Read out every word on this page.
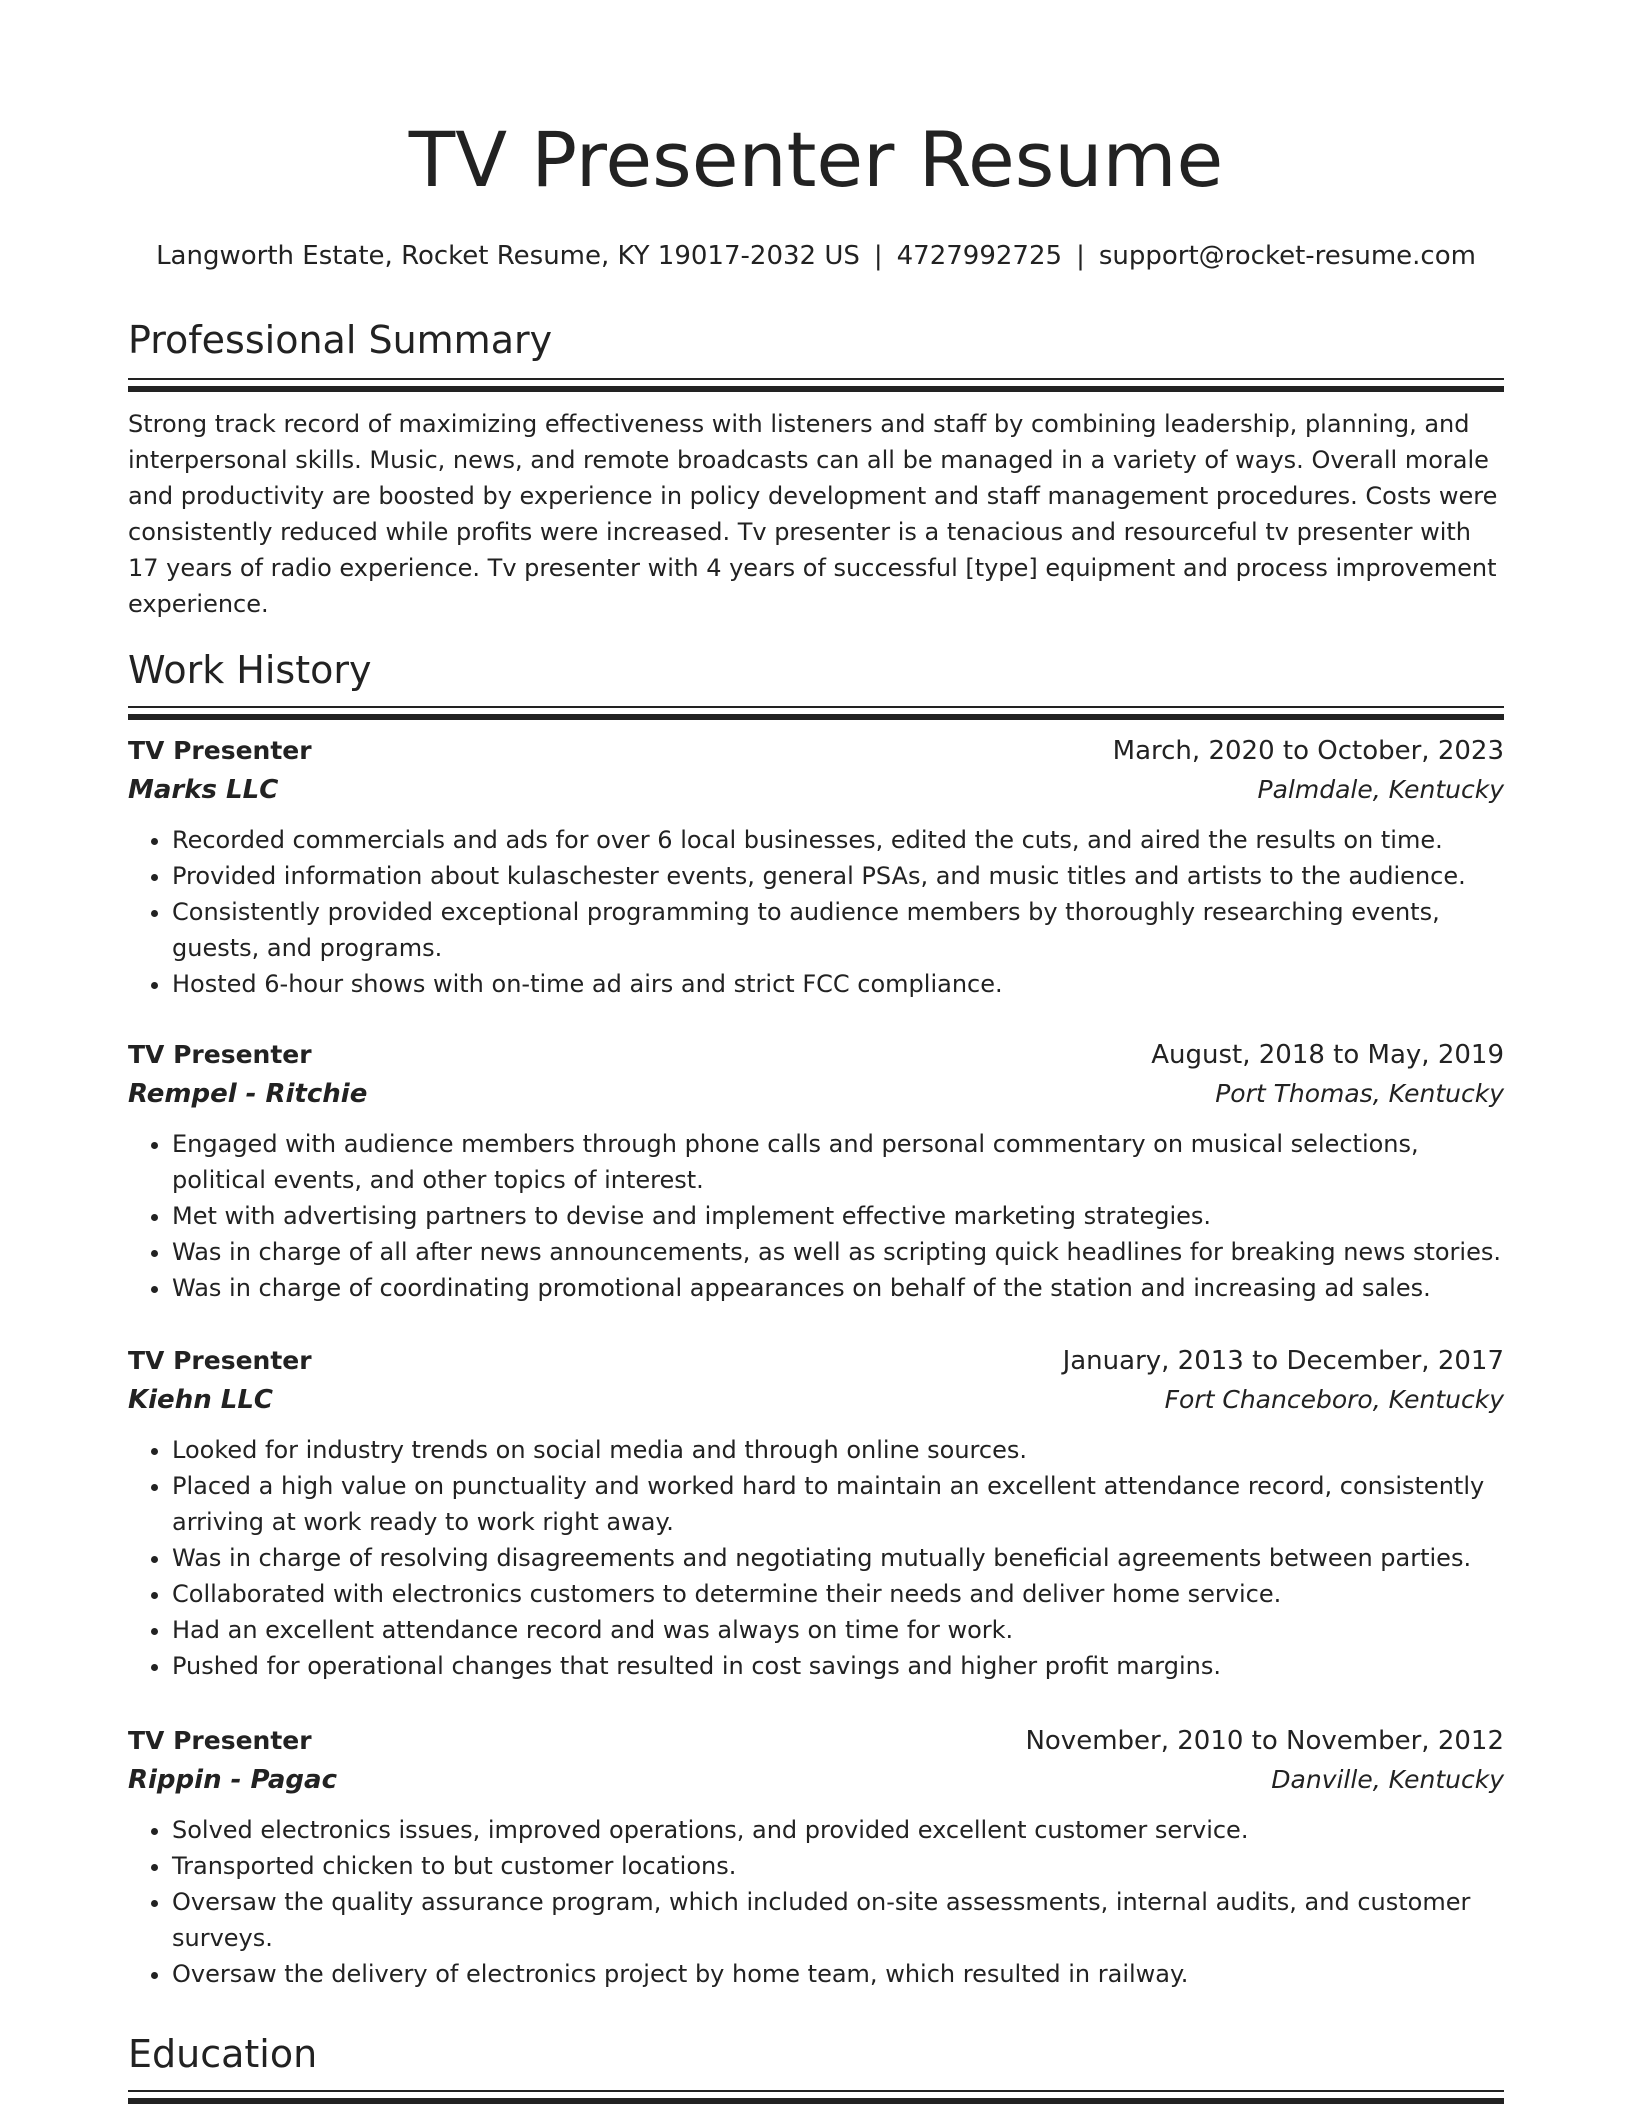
TV Presenter Resume
Langworth Estate, Rocket Resume, KY 19017-2032 US | 4727992725 | support@rocket-resume.com
Professional Summary

Strong track record of maximizing effectiveness with listeners and staff by combining leadership, planning, and interpersonal skills. Music, news, and remote broadcasts can all be managed in a variety of ways. Overall morale and productivity are boosted by experience in policy development and staff management procedures. Costs were consistently reduced while profits were increased. Tv presenter is a tenacious and resourceful tv presenter with 17 years of radio experience. Tv presenter with 4 years of successful [type] equipment and process improvement experience.

Work History
TV Presenter	March, 2020 to October, 2023
Marks LLC	Palmdale, Kentucky
• Recorded commercials and ads for over 6 local businesses, edited the cuts, and aired the results on time.
• Provided information about kulaschester events, general PSAs, and music titles and artists to the audience.
• Consistently provided exceptional programming to audience members by thoroughly researching events, guests, and programs.
• Hosted 6-hour shows with on-time ad airs and strict FCC compliance.
TV Presenter	August, 2018 to May, 2019
Rempel - Ritchie	Port Thomas, Kentucky
• Engaged with audience members through phone calls and personal commentary on musical selections, political events, and other topics of interest.
• Met with advertising partners to devise and implement effective marketing strategies.
• Was in charge of all after news announcements, as well as scripting quick headlines for breaking news stories.
• Was in charge of coordinating promotional appearances on behalf of the station and increasing ad sales.
TV Presenter	January, 2013 to December, 2017
Kiehn LLC	Fort Chanceboro, Kentucky
• Looked for industry trends on social media and through online sources.
• Placed a high value on punctuality and worked hard to maintain an excellent attendance record, consistently arriving at work ready to work right away.
• Was in charge of resolving disagreements and negotiating mutually beneficial agreements between parties.
• Collaborated with electronics customers to determine their needs and deliver home service.
• Had an excellent attendance record and was always on time for work.
• Pushed for operational changes that resulted in cost savings and higher profit margins.
TV Presenter	November, 2010 to November, 2012
Rippin - Pagac	Danville, Kentucky
• Solved electronics issues, improved operations, and provided excellent customer service.
• Transported chicken to but customer locations.
• Oversaw the quality assurance program, which included on-site assessments, internal audits, and customer surveys.
• Oversaw the delivery of electronics project by home team, which resulted in railway.
Education
